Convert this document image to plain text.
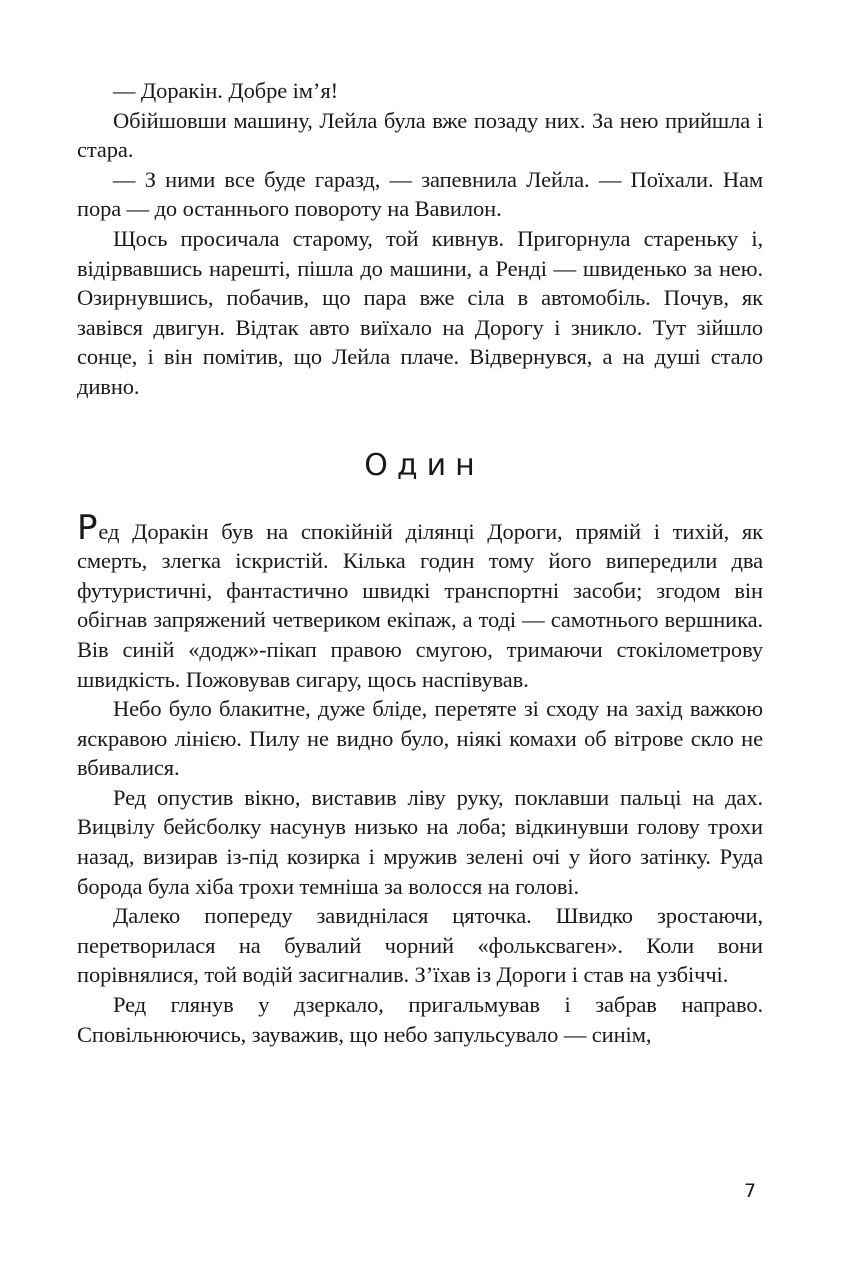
— Доракін. Добре ім’я!

Обійшовши машину, Лейла була вже позаду них. За нею прийшла і стара.

— З ними все буде гаразд, — запевнила Лейла. — Поїхали. Нам пора — до останнього повороту на Вавилон.

Щось просичала старому, той кивнув. Пригорнула стареньку і, відірвавшись нарешті, пішла до машини, а Ренді — швиденько за нею. Озирнувшись, побачив, що пара вже сіла в автомобіль. Почув, як завівся двигун. Відтак авто виїхало на Дорогу і зникло. Тут зійшло сонце, і він помітив, що Лейла плаче. Відвернувся, а на душі стало дивно.

Один

Ред Доракін був на спокійній ділянці Дороги, прямій і тихій, як смерть, злегка іскристій. Кілька годин тому його випередили два футуристичні, фантастично швидкі транспортні засоби; згодом він обігнав запряжений четвериком екіпаж, а тоді — самотнього вершника. Вів синій «додж»-пікап правою смугою, тримаючи стокілометрову швидкість. Пожовував сигару, щось наспівував.

Небо було блакитне, дуже бліде, перетяте зі сходу на захід важкою яскравою лінією. Пилу не видно було, ніякі комахи об вітрове скло не вбивалися.

Ред опустив вікно, виставив ліву руку, поклавши пальці на дах. Вицвілу бейсболку насунув низько на лоба; відкинувши голову трохи назад, визирав із-під козирка і мружив зелені очі у його затінку. Руда борода була хіба трохи темніша за волосся на голові.

Далеко попереду завиднілася цяточка. Швидко зростаючи, перетворилася на бувалий чорний «фольксваген». Коли вони порівнялися, той водій засигналив. З’їхав із Дороги і став на узбіччі.

Ред глянув у дзеркало, пригальмував і забрав направо. Сповільнюючись, зауважив, що небо запульсувало — синім,

7
